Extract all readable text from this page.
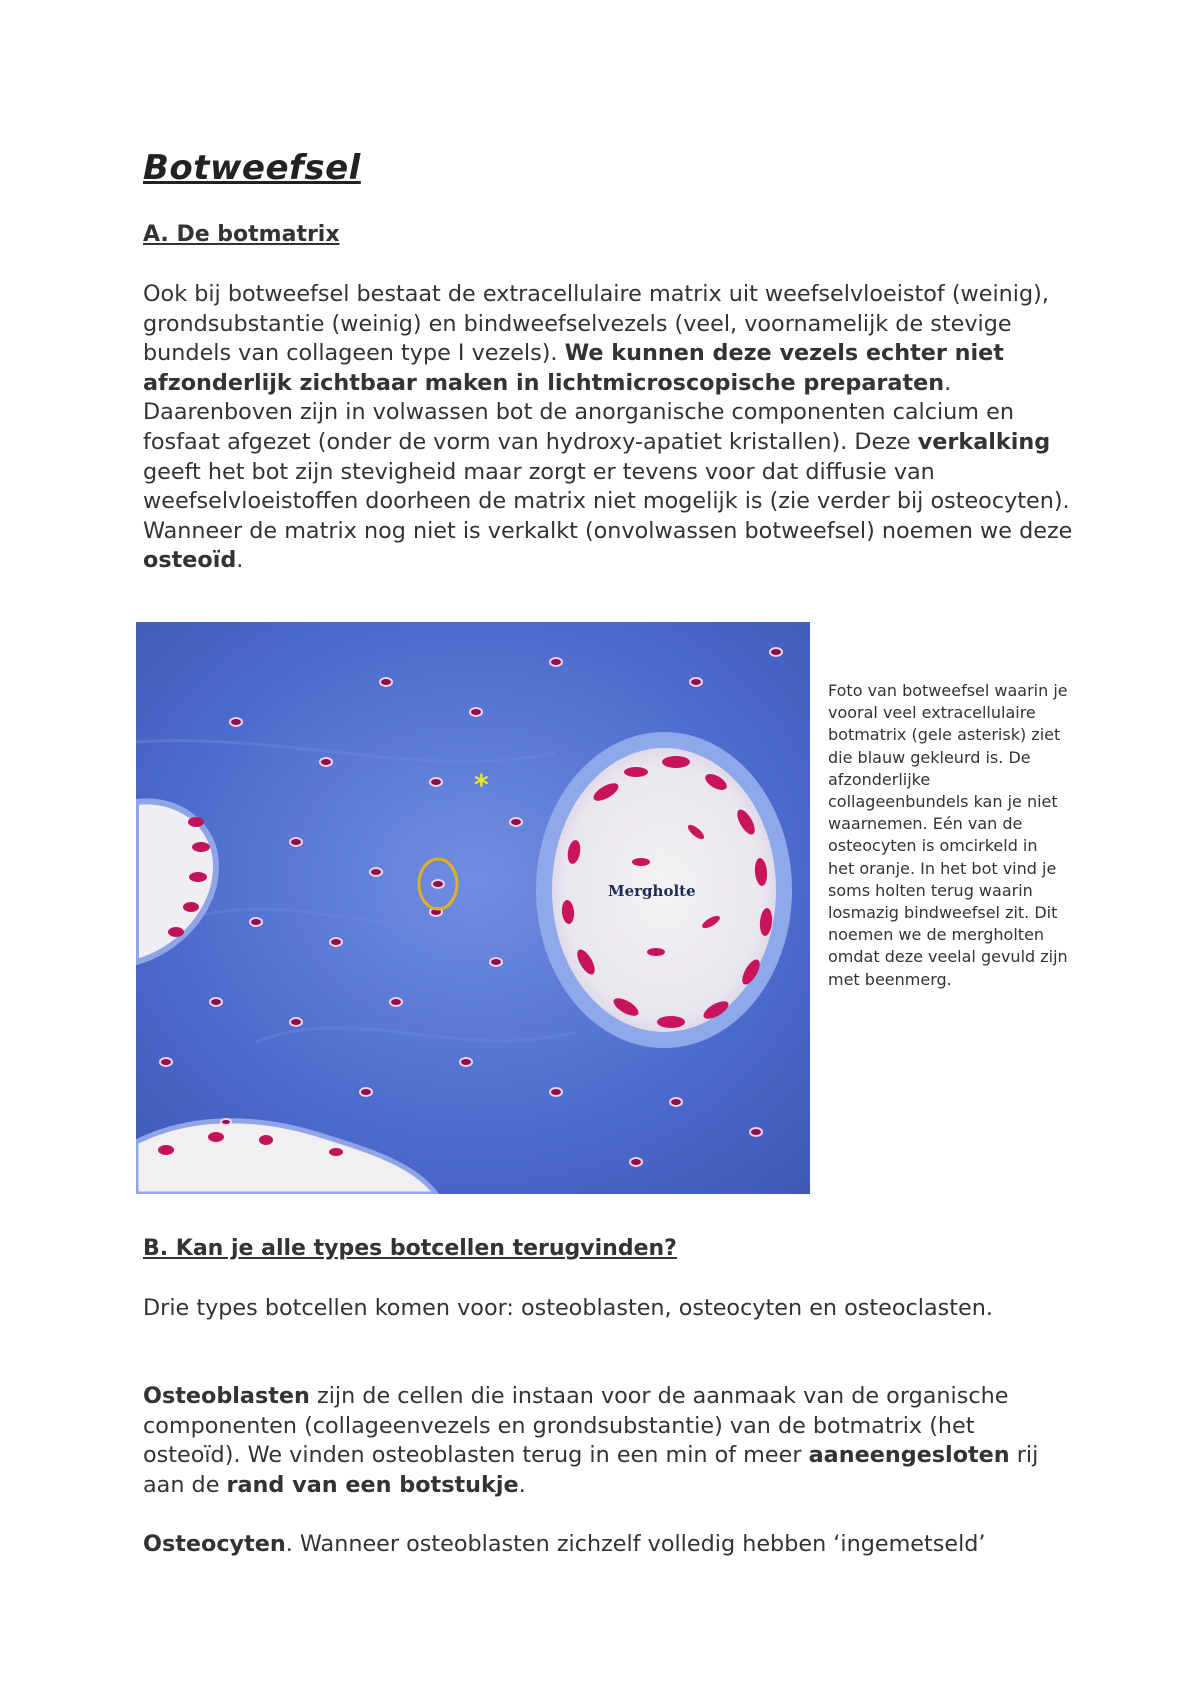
Botweefsel
A. De botmatrix

Ook bij botweefsel bestaat de extracellulaire matrix uit weefselvloeistof (weinig), grondsubstantie (weinig) en bindweefselvezels (veel, voornamelijk de stevige bundels van collageen type I vezels). We kunnen deze vezels echter niet afzonderlijk zichtbaar maken in lichtmicroscopische preparaten. Daarenboven zijn in volwassen bot de anorganische componenten calcium en fosfaat afgezet (onder de vorm van hydroxy-apatiet kristallen). Deze verkalking geeft het bot zijn stevigheid maar zorgt er tevens voor dat diffusie van weefselvloeistoffen doorheen de matrix niet mogelijk is (zie verder bij osteocyten).
Wanneer de matrix nog niet is verkalkt (onvolwassen botweefsel) noemen we deze osteoïd.

Mergholte
*

Foto van botweefsel waarin je vooral veel extracellulaire botmatrix (gele asterisk) ziet die blauw gekleurd is. De afzonderlijke collageenbundels kan je niet waarnemen. Eén van de osteocyten is omcirkeld in het oranje. In het bot vind je soms holten terug waarin losmazig bindweefsel zit. Dit noemen we de mergholten omdat deze veelal gevuld zijn met beenmerg.

B. Kan je alle types botcellen terugvinden?

Drie types botcellen komen voor: osteoblasten, osteocyten en osteoclasten.

Osteoblasten zijn de cellen die instaan voor de aanmaak van de organische componenten (collageenvezels en grondsubstantie) van de botmatrix (het osteoïd). We vinden osteoblasten terug in een min of meer aaneengesloten rij aan de rand van een botstukje.

Osteocyten. Wanneer osteoblasten zichzelf volledig hebben ‘ingemetseld’
